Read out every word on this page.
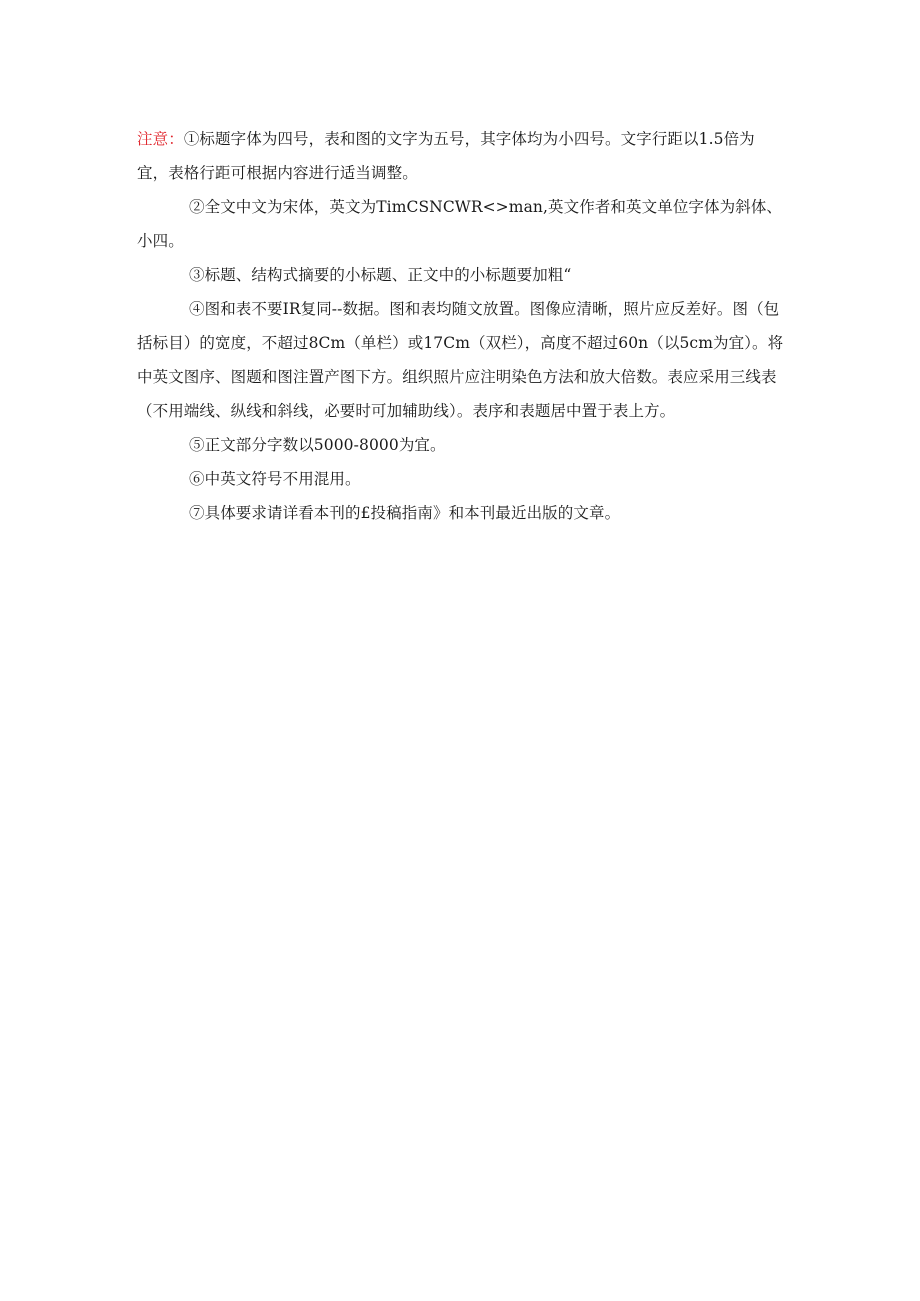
注意：①标题字体为四号，表和图的文字为五号，其字体均为小四号。文字行距以1.5倍为宜，表格行距可根据内容进行适当调整。

②全文中文为宋体，英文为TimCSNCWR<>man,英文作者和英文单位字体为斜体、小四。

③标题、结构式摘要的小标题、正文中的小标题要加粗“

④图和表不要IR复同--数据。图和表均随文放置。图像应清晰，照片应反差好。图（包括标目）的宽度，不超过8Cm（单栏）或17Cm（双栏），高度不超过60n（以5cm为宜）。将中英文图序、图题和图注置产图下方。组织照片应注明染色方法和放大倍数。表应采用三线表（不用端线、纵线和斜线，必要时可加辅助线）。表序和表题居中置于表上方。

⑤正文部分字数以5000-8000为宜。

⑥中英文符号不用混用。

⑦具体要求请详看本刊的£投稿指南》和本刊最近出版的文章。
